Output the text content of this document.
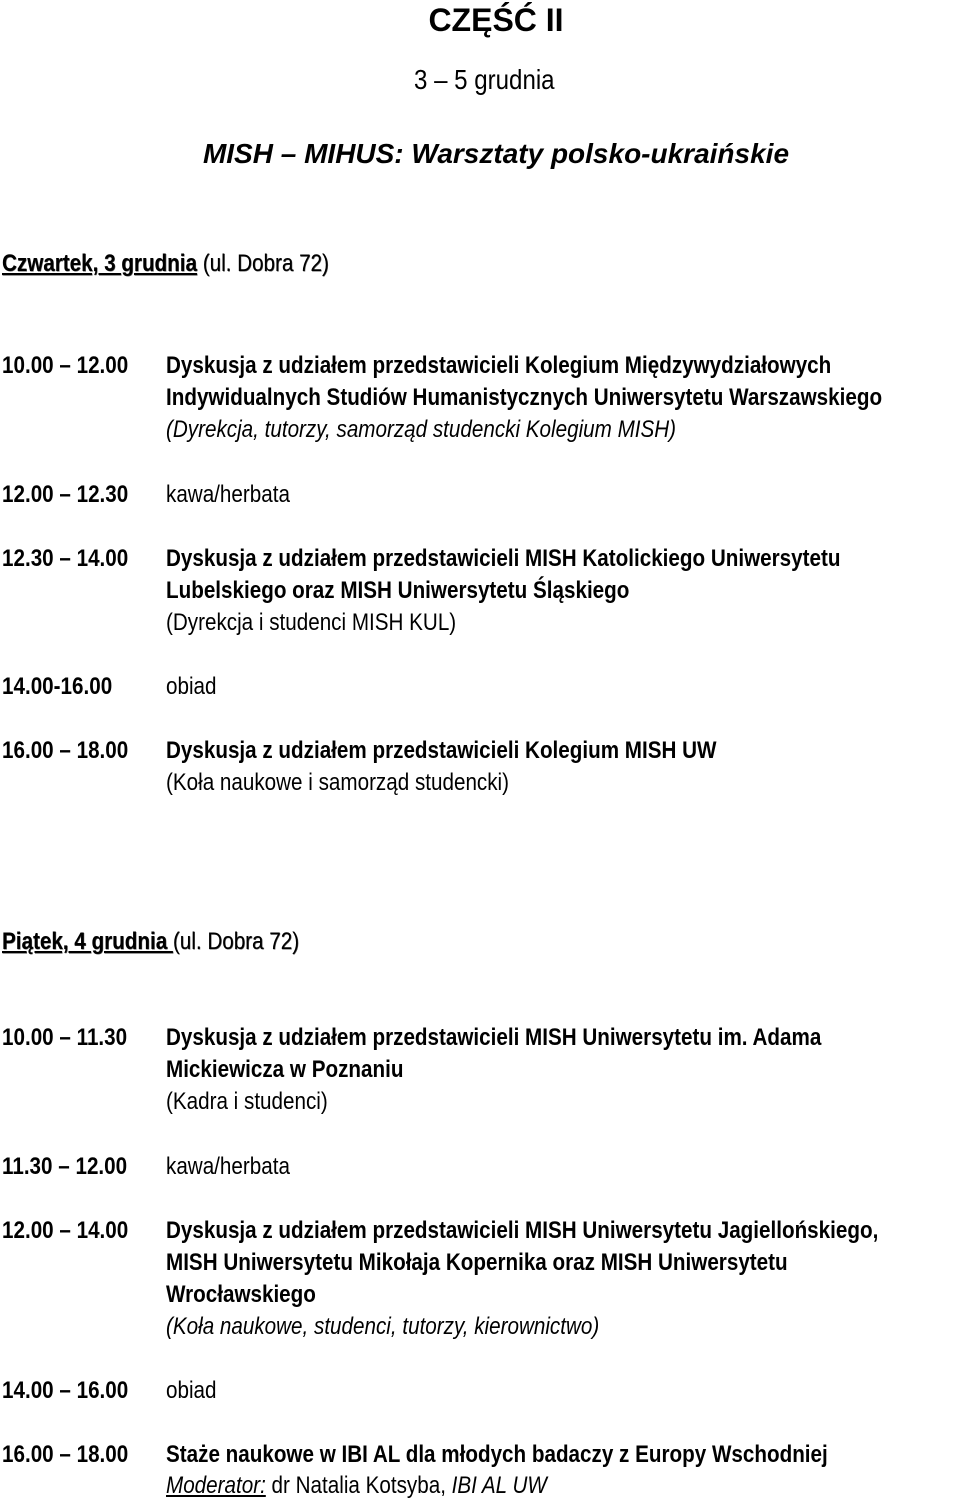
CZĘŚĆ II
3 – 5 grudnia
MISH – MIHUS: Warsztaty polsko-ukraińskie
Czwartek, 3 grudnia (ul. Dobra 72)
10.00 – 12.00	Dyskusja z udziałem przedstawicieli Kolegium Międzywydziałowych
Indywidualnych Studiów Humanistycznych Uniwersytetu Warszawskiego
(Dyrekcja, tutorzy, samorząd studencki Kolegium MISH)
12.00 – 12.30	kawa/herbata
12.30 – 14.00	Dyskusja z udziałem przedstawicieli MISH Katolickiego Uniwersytetu
Lubelskiego oraz MISH Uniwersytetu Śląskiego
(Dyrekcja i studenci MISH KUL)
14.00-16.00	obiad
16.00 – 18.00	Dyskusja z udziałem przedstawicieli Kolegium MISH UW
(Koła naukowe i samorząd studencki)
Piątek, 4 grudnia (ul. Dobra 72)
10.00 – 11.30	Dyskusja z udziałem przedstawicieli MISH Uniwersytetu im. Adama
Mickiewicza w Poznaniu
(Kadra i studenci)
11.30 – 12.00	kawa/herbata
12.00 – 14.00	Dyskusja z udziałem przedstawicieli MISH Uniwersytetu Jagiellońskiego,
MISH Uniwersytetu Mikołaja Kopernika oraz MISH Uniwersytetu
Wrocławskiego
(Koła naukowe, studenci, tutorzy, kierownictwo)
14.00 – 16.00	obiad
16.00 – 18.00	Staże naukowe w IBI AL dla młodych badaczy z Europy Wschodniej
Moderator: dr Natalia Kotsyba, IBI AL UW
